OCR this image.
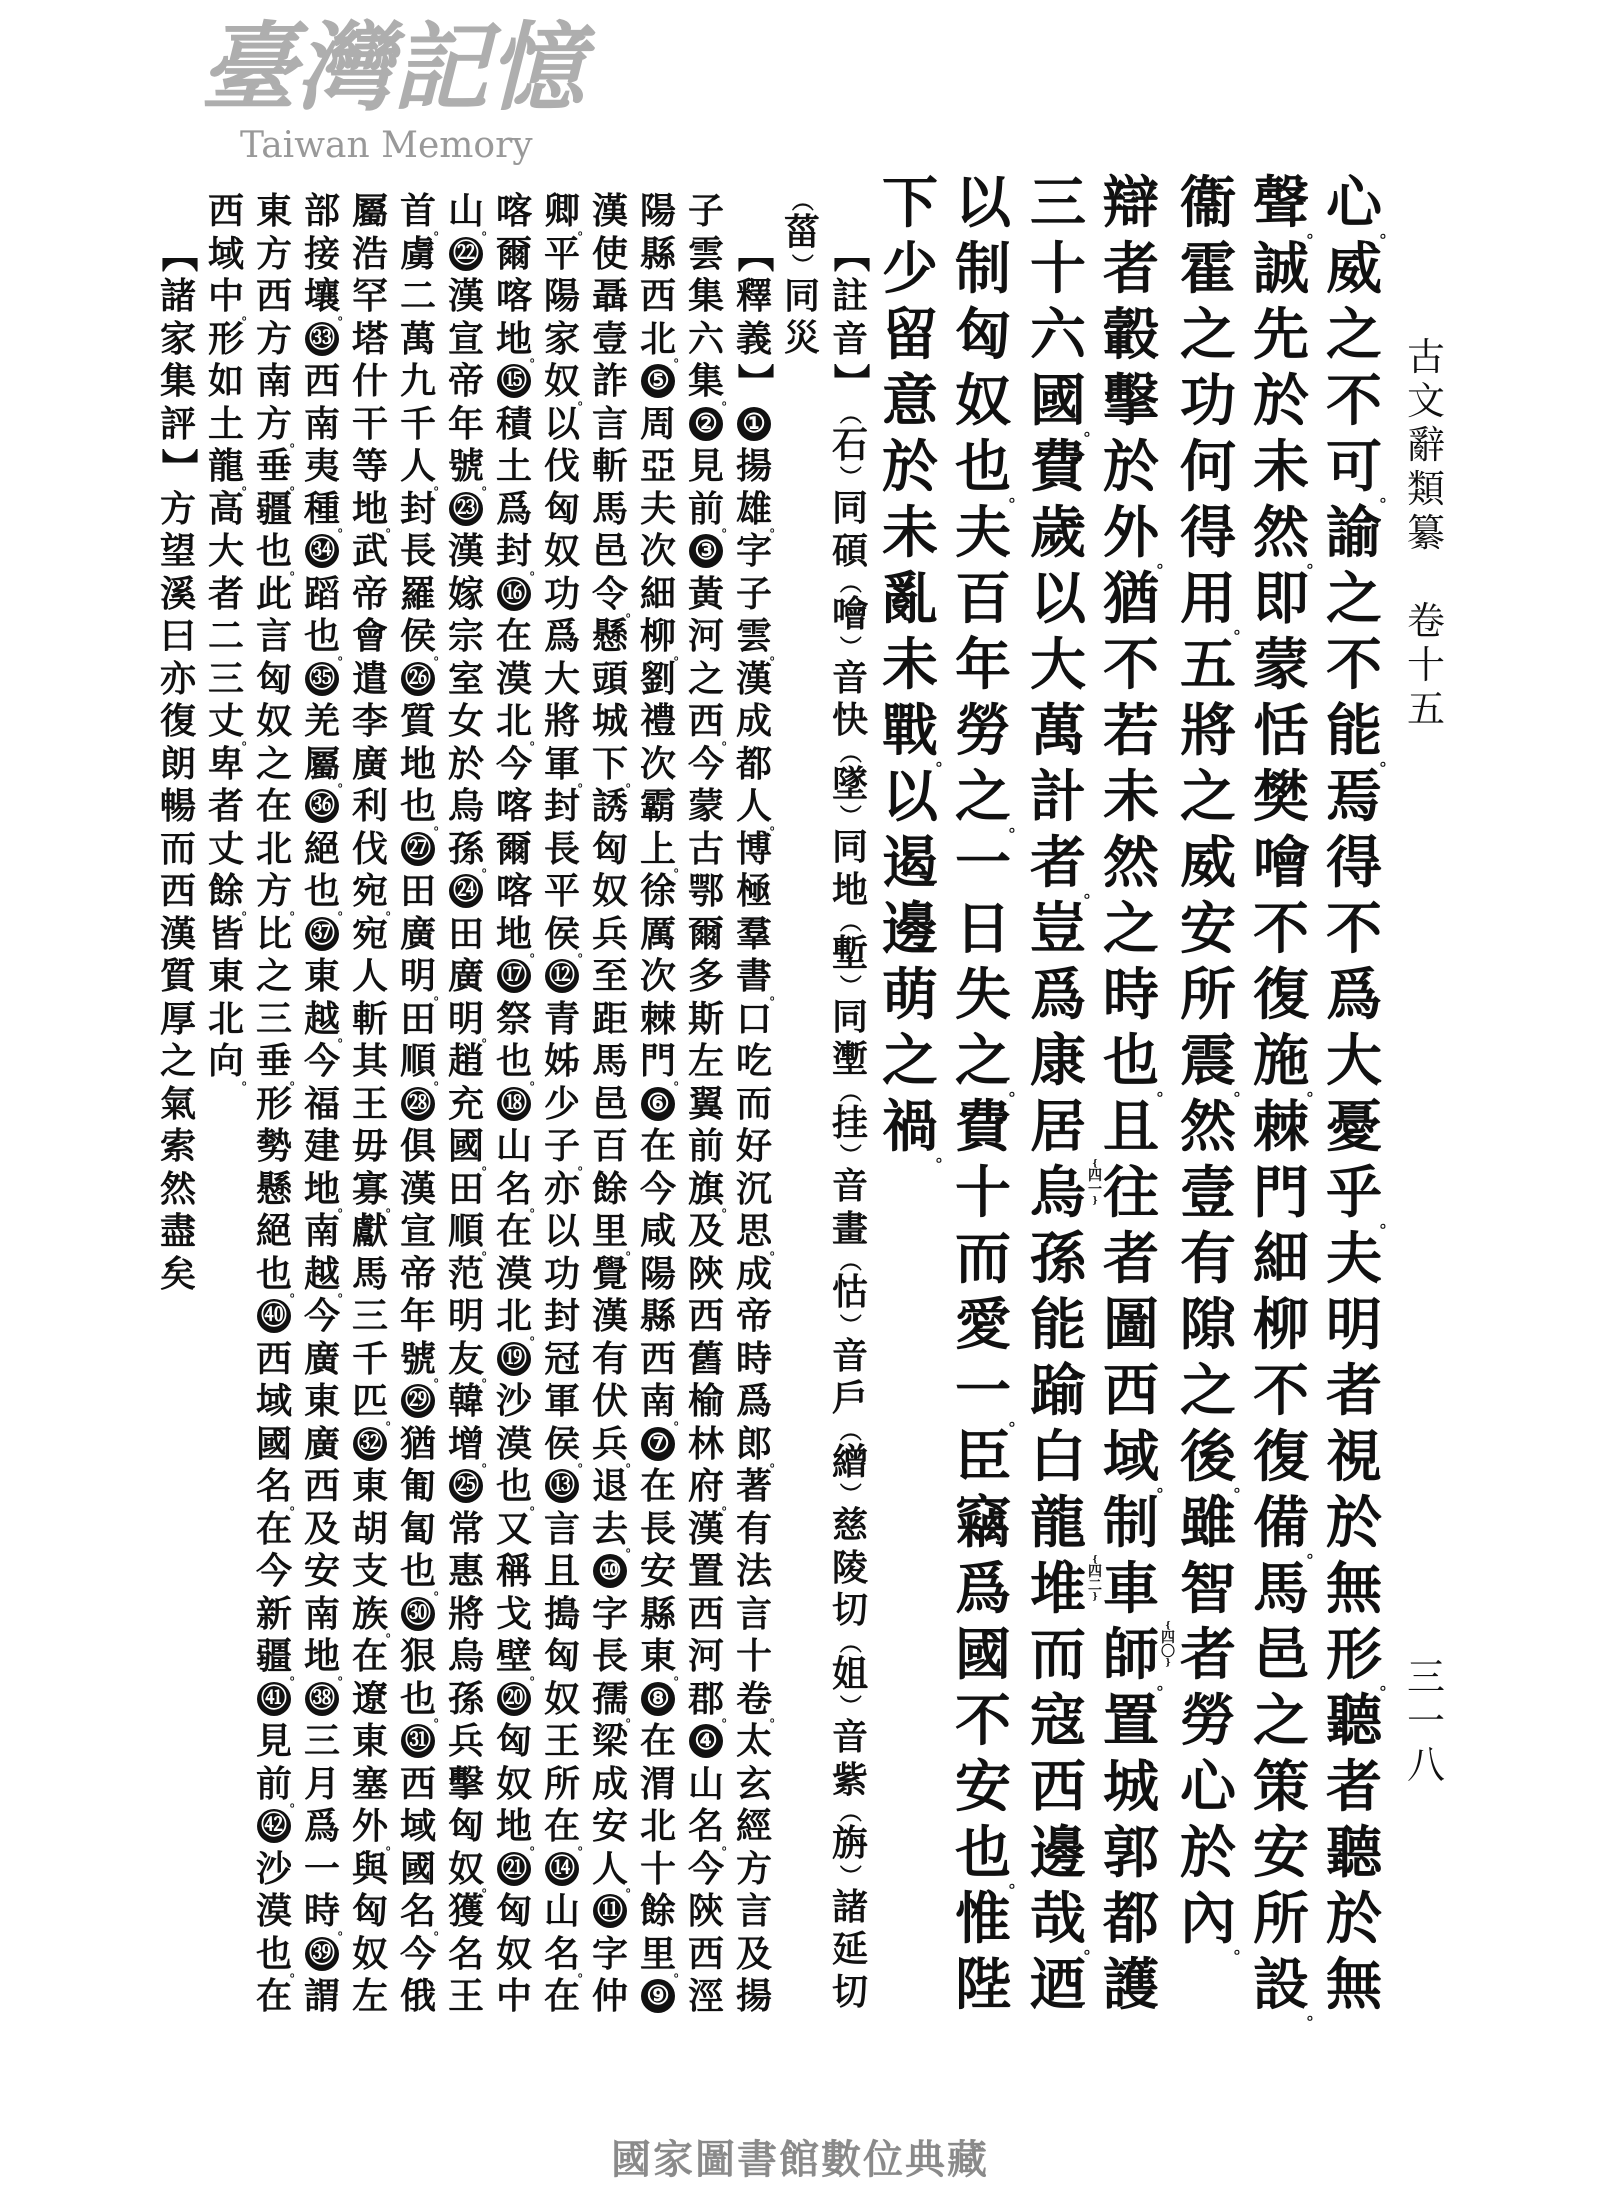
古
文
辭
類
纂

卷
十
五
三
一
八
心
。
威
之
不
可
。
諭
之
不
能
。
焉
得
不
爲
大
憂
乎
。
夫
明
者
視
於
無
形
。
聽
者
聽
於
無
聲
。
誠
先
於
未
然
。
即
蒙
恬
樊
噲
不
復
施
。
棘
門
細
柳
不
復
備
。
馬
邑
之
策
安
所
設
。
衞
霍
之
功
何
得
用
。
五
將
之
威
安
所
震
。
然
壹
有
隙
之
後
。
雖
智
者
勞
心
於
內
。
辯
者
轂
擊
於
外
。
猶
不
若
未
然
之
時
也
。
且
往
者
圖
西
域
。
制
車
師 {
四
〇
}
。
置
城
郭
都
護
三
十
六
國
。
費
歲
以
大
萬
計
者
。
豈
爲
康
居
烏 {
四
一
}
孫
能
踰
白
龍
堆 {
四
二
}
而
寇
西
邊
哉
。
迺
以
制
匈
奴
也
。
夫
百
年
勞
之
。
一
日
失
之
。
費
十
而
愛
一
。
臣
竊
爲
國
不
安
也
。
惟
陛
下
少
留
意
於
未
亂
未
戰
。
以
遏
邊
萌
之
禍
。
【
註
音
】
（
石
）
同
碩
（
噲
）
音
快
（
墜
）
同
地
（
塹
）
同
壍
（
挂
）
音
畫
（
怙
）
音
戶
（
繒
）
慈
陵
切
（
姐
）
音
紫
（
旃
）
諸
延
切
（
菑
）
同
災
【
釋
義
】
①
揚
雄
。
字
子
雲
。
漢
成
都
人
。
博
極
羣
書
。
口
吃
而
好
沉
思
。
成
帝
時
爲
郎
。
著
有
法
言
十
卷
。
太
玄
經
方
言
及
揚
子
雲
集
六
集
。
②
見
前
。
③
黃
河
之
西
。
今
蒙
古
鄂
爾
多
斯
左
翼
前
旗
。
及
陝
西
舊
榆
林
府
。
漢
置
西
河
郡
。
④
山
名
。
今
陝
西
涇
陽
縣
西
北
。
⑤
周
亞
夫
次
細
柳
。
劉
禮
次
霸
上
。
徐
厲
次
棘
門
。
⑥
在
今
咸
陽
縣
西
南
。
⑦
在
長
安
縣
東
。
⑧
在
渭
北
十
餘
里
。
⑨
漢
使
聶
壹
詐
言
斬
馬
邑
令
。
懸
頭
城
下
。
誘
匈
奴
兵
至
距
馬
邑
百
餘
里
。
覺
漢
有
伏
兵
。
退
去
。
⑩
字
長
孺
。
梁
成
安
人
。
⑪
字
仲
卿
。
平
陽
家
奴
。
以
伐
匈
奴
功
爲
大
將
軍
。
封
長
平
侯
。
⑫
青
姊
少
子
。
亦
以
功
封
冠
軍
侯
。
⑬
言
且
搗
匈
奴
王
所
在
。
⑭
山
名
。
在
喀
爾
喀
地
。
⑮
積
土
爲
封
。
⑯
在
漠
北
。
今
喀
爾
喀
地
。
⑰
祭
也
。
⑱
山
名
。
在
漠
北
。
⑲
沙
漠
也
。
又
稱
戈
壁
。
⑳
匈
奴
地
。
㉑
匈
奴
中
山
。
㉒
漢
宣
帝
年
號
。
㉓
漢
嫁
宗
室
女
於
烏
孫
。
㉔
田
廣
明
。
趙
充
國
。
田
順
。
范
明
友
。
韓
增
。
㉕
常
惠
將
烏
孫
兵
擊
匈
奴
。
獲
名
王
首
。
虜
二
萬
九
千
人
。
封
長
羅
侯
。
㉖
質
地
也
。
㉗
田
廣
明
。
田
順
。
㉘
俱
漢
宣
帝
年
號
。
㉙
猶
匍
匐
也
。
㉚
狠
也
。
㉛
西
域
國
名
。
今
俄
屬
浩
罕
塔
什
干
等
地
。
武
帝
會
遣
李
廣
利
伐
宛
。
宛
人
斬
其
王
毋
寡
。
獻
馬
三
千
匹
。
㉜
東
胡
支
族
。
在
遼
東
塞
外
。
與
匈
奴
左
部
接
壤
。
㉝
西
南
夷
種
。
㉞
蹈
也
。
㉟
羌
屬
。
㊱
絕
也
。
㊲
東
越
。
今
福
建
地
。
南
越
。
今
廣
東
廣
西
及
安
南
地
。
㊳
三
月
爲
一
時
。
㊴
謂
東
方
西
方
南
方
。
垂
。
疆
也
。
此
言
匈
奴
之
在
北
方
。
比
之
三
垂
。
形
勢
懸
絕
也
。
㊵
西
域
國
名
。
在
今
新
疆
。
㊶
見
前
。
㊷
沙
漠
也
。
在
西
域
中
。
形
如
土
龍
。
高
大
者
二
三
丈
。
卑
者
丈
餘
。
皆
東
北
向
。
【
諸
家
集
評
】
方
望
溪
曰
亦
復
朗
暢
而
西
漢
質
厚
之
氣
索
然
盡
矣
臺灣記憶
Taiwan Memory
國家圖書館數位典藏
